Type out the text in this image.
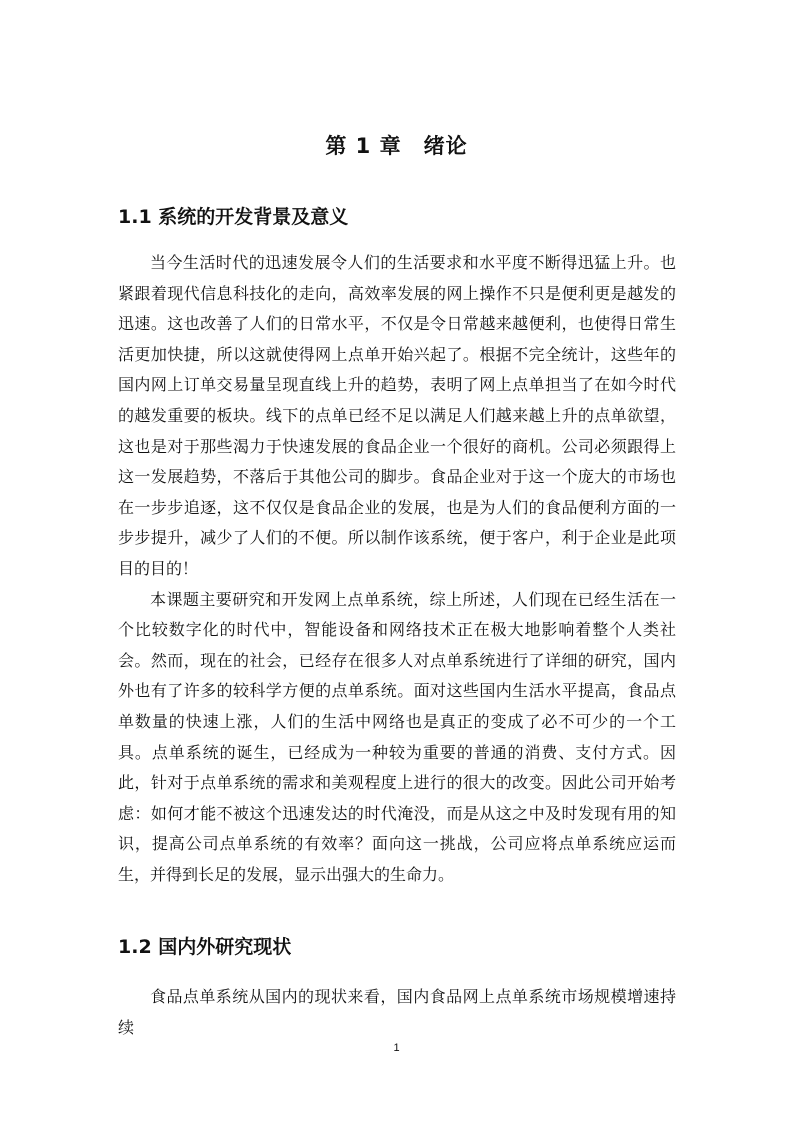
第 1 章 绪论
1.1 系统的开发背景及意义

当今生活时代的迅速发展令人们的生活要求和水平度不断得迅猛上升。也紧跟着现代信息科技化的走向，高效率发展的网上操作不只是便利更是越发的迅速。这也改善了人们的日常水平，不仅是令日常越来越便利，也使得日常生活更加快捷，所以这就使得网上点单开始兴起了。根据不完全统计，这些年的国内网上订单交易量呈现直线上升的趋势，表明了网上点单担当了在如今时代的越发重要的板块。线下的点单已经不足以满足人们越来越上升的点单欲望，这也是对于那些渴力于快速发展的食品企业一个很好的商机。公司必须跟得上这一发展趋势，不落后于其他公司的脚步。食品企业对于这一个庞大的市场也在一步步追逐，这不仅仅是食品企业的发展，也是为人们的食品便利方面的一步步提升，减少了人们的不便。所以制作该系统，便于客户，利于企业是此项目的目的！

本课题主要研究和开发网上点单系统，综上所述，人们现在已经生活在一个比较数字化的时代中，智能设备和网络技术正在极大地影响着整个人类社会。然而，现在的社会，已经存在很多人对点单系统进行了详细的研究，国内外也有了许多的较科学方便的点单系统。面对这些国内生活水平提高，食品点单数量的快速上涨，人们的生活中网络也是真正的变成了必不可少的一个工具。点单系统的诞生，已经成为一种较为重要的普通的消费、支付方式。因此，针对于点单系统的需求和美观程度上进行的很大的改变。因此公司开始考虑：如何才能不被这个迅速发达的时代淹没，而是从这之中及时发现有用的知识，提高公司点单系统的有效率？面向这一挑战，公司应将点单系统应运而生，并得到长足的发展，显示出强大的生命力。

1.2 国内外研究现状

食品点单系统从国内的现状来看，国内食品网上点单系统市场规模增速持续

1
